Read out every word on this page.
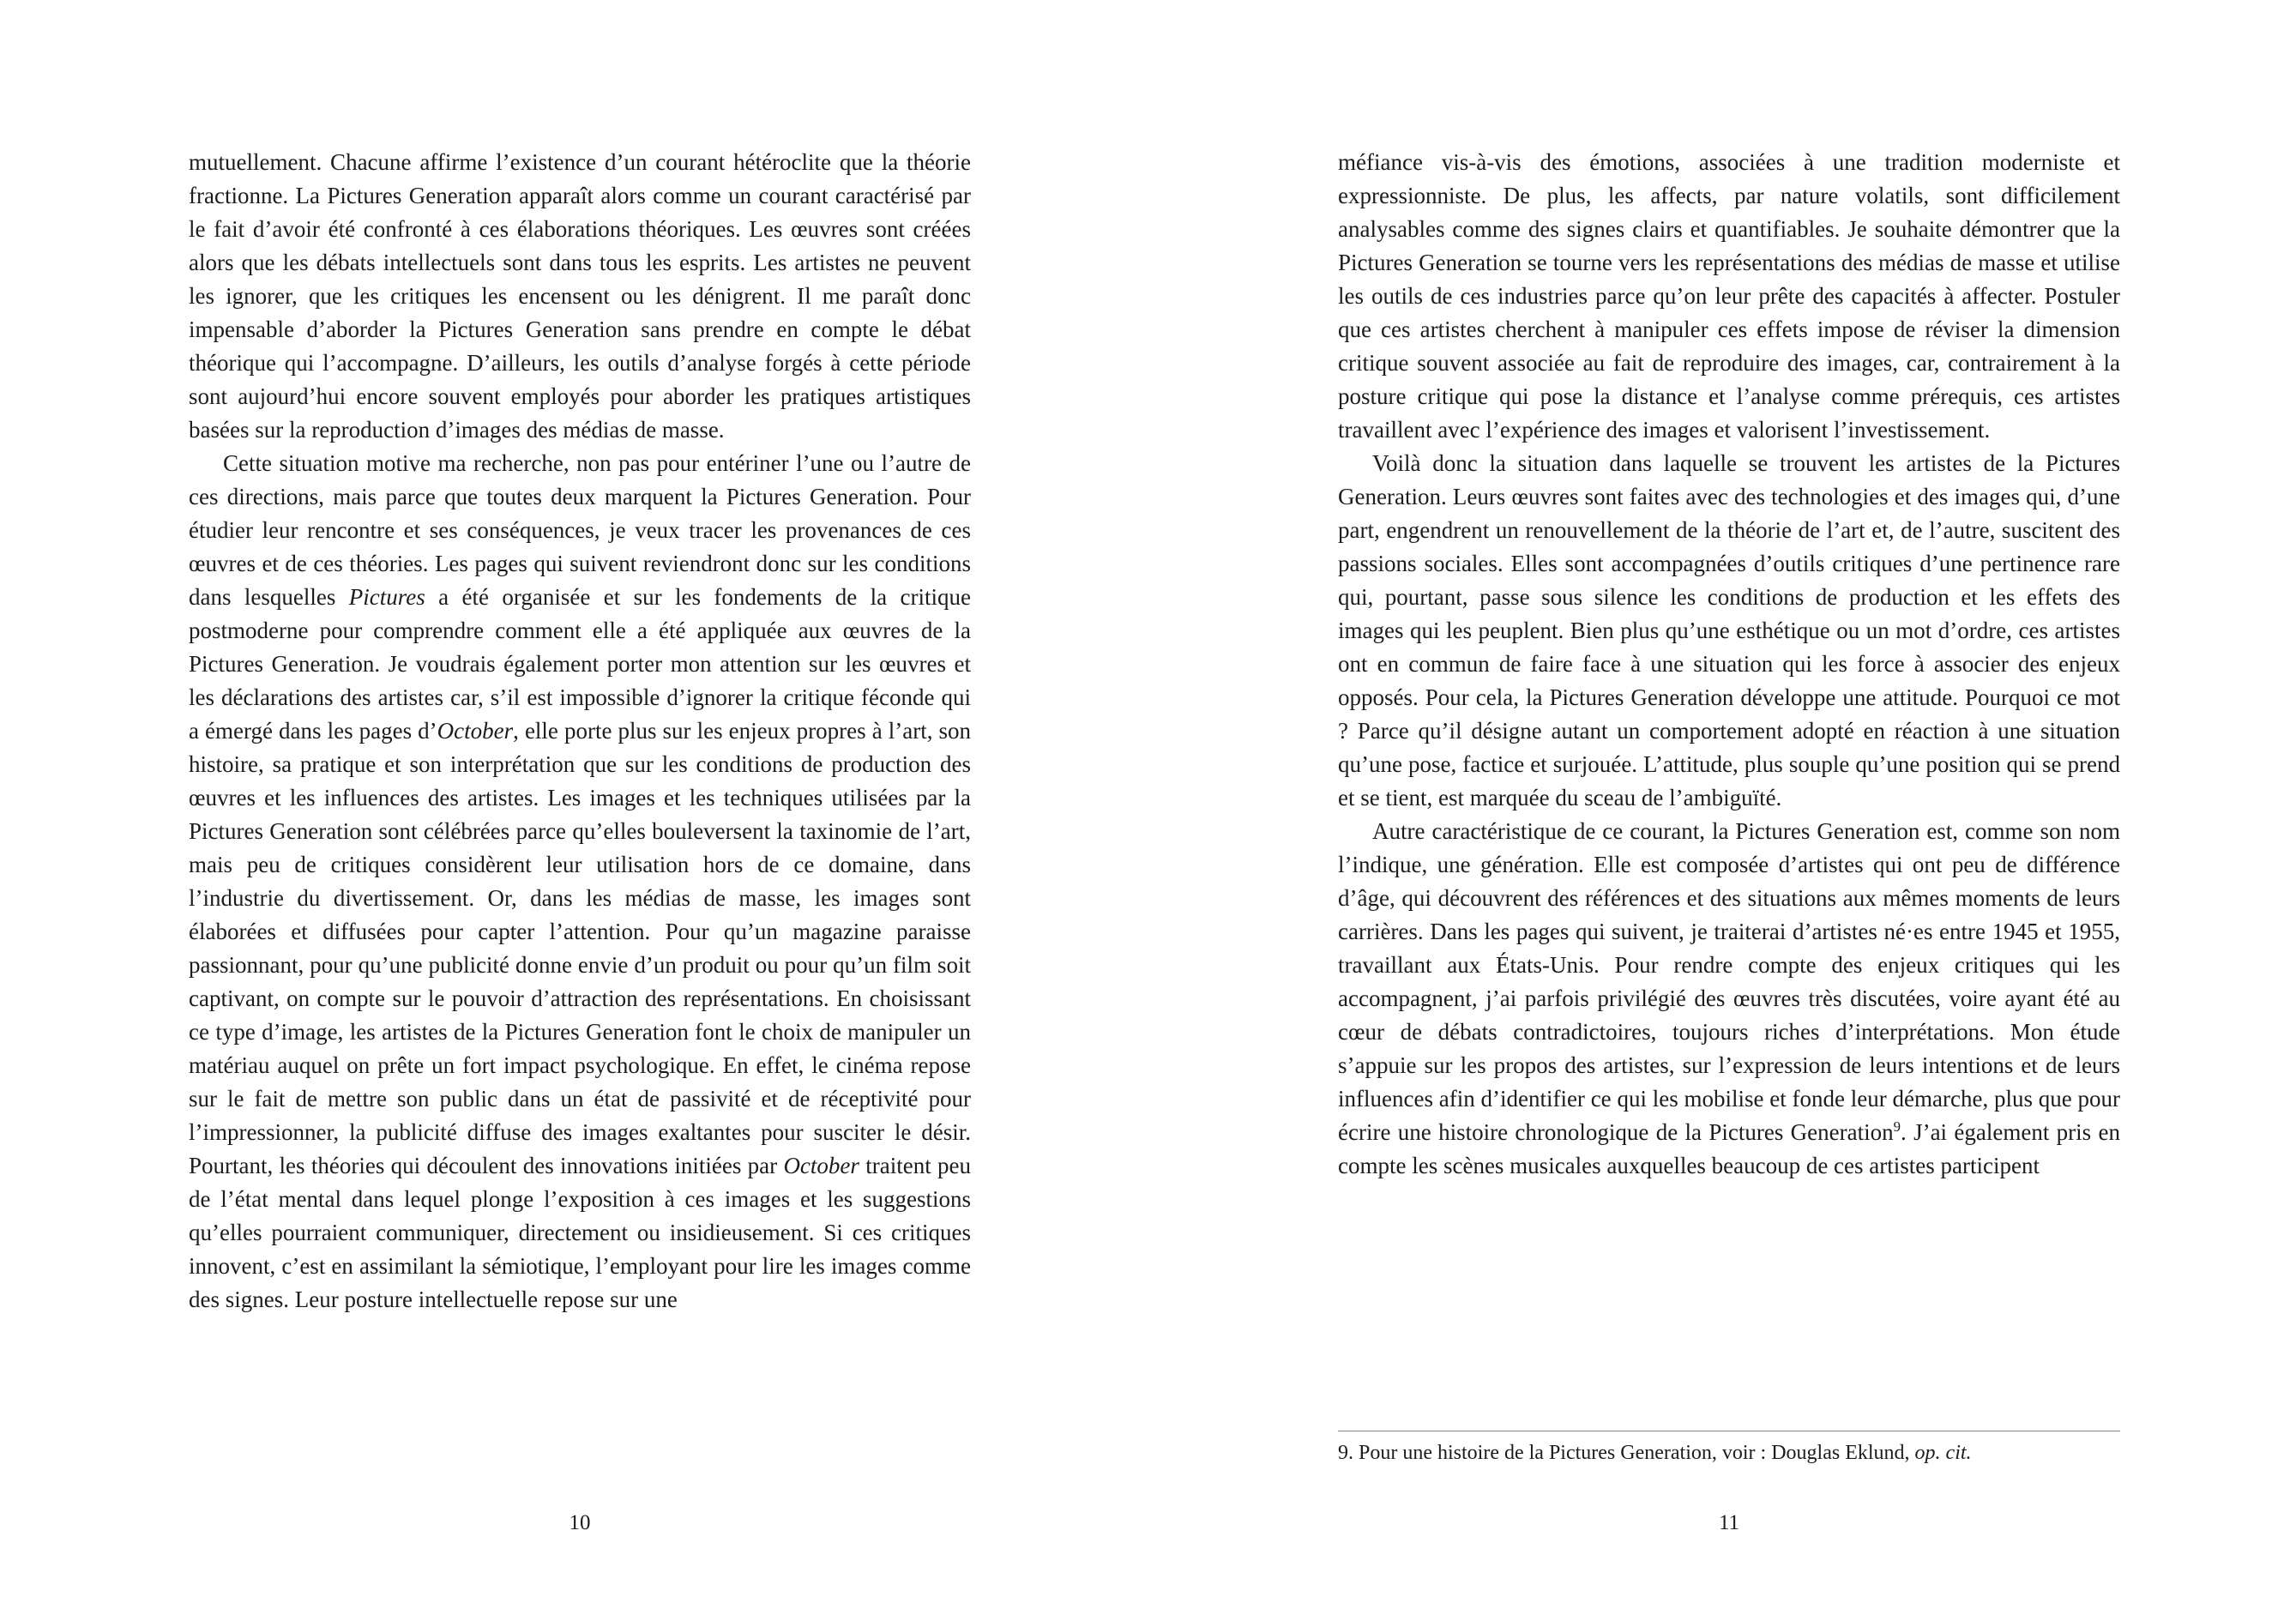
mutuellement. Chacune affirme l’existence d’un courant hétéroclite que la théorie fractionne. La Pictures Generation apparaît alors comme un courant caractérisé par le fait d’avoir été confronté à ces élaborations théoriques. Les œuvres sont créées alors que les débats intellectuels sont dans tous les esprits. Les artistes ne peuvent les ignorer, que les critiques les encensent ou les dénigrent. Il me paraît donc impensable d’aborder la Pictures Generation sans prendre en compte le débat théorique qui l’accompagne. D’ailleurs, les outils d’analyse forgés à cette période sont aujourd’hui encore souvent employés pour aborder les pratiques artistiques basées sur la reproduction d’images des médias de masse.

Cette situation motive ma recherche, non pas pour entériner l’une ou l’autre de ces directions, mais parce que toutes deux marquent la Pictures Generation. Pour étudier leur rencontre et ses conséquences, je veux tracer les provenances de ces œuvres et de ces théories. Les pages qui suivent reviendront donc sur les conditions dans lesquelles Pictures a été organisée et sur les fondements de la critique postmoderne pour comprendre comment elle a été appliquée aux œuvres de la Pictures Generation. Je voudrais également porter mon attention sur les œuvres et les déclarations des artistes car, s’il est impossible d’ignorer la critique féconde qui a émergé dans les pages d’October, elle porte plus sur les enjeux propres à l’art, son histoire, sa pratique et son interprétation que sur les conditions de production des œuvres et les influences des artistes. Les images et les techniques utilisées par la Pictures Generation sont célébrées parce qu’elles bouleversent la taxinomie de l’art, mais peu de critiques considèrent leur utilisation hors de ce domaine, dans l’industrie du divertissement. Or, dans les médias de masse, les images sont élaborées et diffusées pour capter l’attention. Pour qu’un magazine paraisse passionnant, pour qu’une publicité donne envie d’un produit ou pour qu’un film soit captivant, on compte sur le pouvoir d’attraction des représentations. En choisissant ce type d’image, les artistes de la Pictures Generation font le choix de manipuler un matériau auquel on prête un fort impact psychologique. En effet, le cinéma repose sur le fait de mettre son public dans un état de passivité et de réceptivité pour l’impressionner, la publicité diffuse des images exaltantes pour susciter le désir. Pourtant, les théories qui découlent des innovations initiées par October traitent peu de l’état mental dans lequel plonge l’exposition à ces images et les suggestions qu’elles pourraient communiquer, directement ou insidieusement. Si ces critiques innovent, c’est en assimilant la sémiotique, l’employant pour lire les images comme des signes. Leur posture intellectuelle repose sur une

méfiance vis-à-vis des émotions, associées à une tradition moderniste et expressionniste. De plus, les affects, par nature volatils, sont difficilement analysables comme des signes clairs et quantifiables. Je souhaite démontrer que la Pictures Generation se tourne vers les représentations des médias de masse et utilise les outils de ces industries parce qu’on leur prête des capacités à affecter. Postuler que ces artistes cherchent à manipuler ces effets impose de réviser la dimension critique souvent associée au fait de reproduire des images, car, contrairement à la posture critique qui pose la distance et l’analyse comme prérequis, ces artistes travaillent avec l’expérience des images et valorisent l’investissement.

Voilà donc la situation dans laquelle se trouvent les artistes de la Pictures Generation. Leurs œuvres sont faites avec des technologies et des images qui, d’une part, engendrent un renouvellement de la théorie de l’art et, de l’autre, suscitent des passions sociales. Elles sont accompagnées d’outils critiques d’une pertinence rare qui, pourtant, passe sous silence les conditions de production et les effets des images qui les peuplent. Bien plus qu’une esthétique ou un mot d’ordre, ces artistes ont en commun de faire face à une situation qui les force à associer des enjeux opposés. Pour cela, la Pictures Generation développe une attitude. Pourquoi ce mot ? Parce qu’il désigne autant un comportement adopté en réaction à une situation qu’une pose, factice et surjouée. L’attitude, plus souple qu’une position qui se prend et se tient, est marquée du sceau de l’ambiguïté.

Autre caractéristique de ce courant, la Pictures Generation est, comme son nom l’indique, une génération. Elle est composée d’artistes qui ont peu de différence d’âge, qui découvrent des références et des situations aux mêmes moments de leurs carrières. Dans les pages qui suivent, je traiterai d’artistes né·es entre 1945 et 1955, travaillant aux États-Unis. Pour rendre compte des enjeux critiques qui les accompagnent, j’ai parfois privilégié des œuvres très discutées, voire ayant été au cœur de débats contradictoires, toujours riches d’interprétations. Mon étude s’appuie sur les propos des artistes, sur l’expression de leurs intentions et de leurs influences afin d’identifier ce qui les mobilise et fonde leur démarche, plus que pour écrire une histoire chronologique de la Pictures Generation$^9$. J’ai également pris en compte les scènes musicales auxquelles beaucoup de ces artistes participent

9. Pour une histoire de la Pictures Generation, voir : Douglas Eklund, op. cit.

10	11
